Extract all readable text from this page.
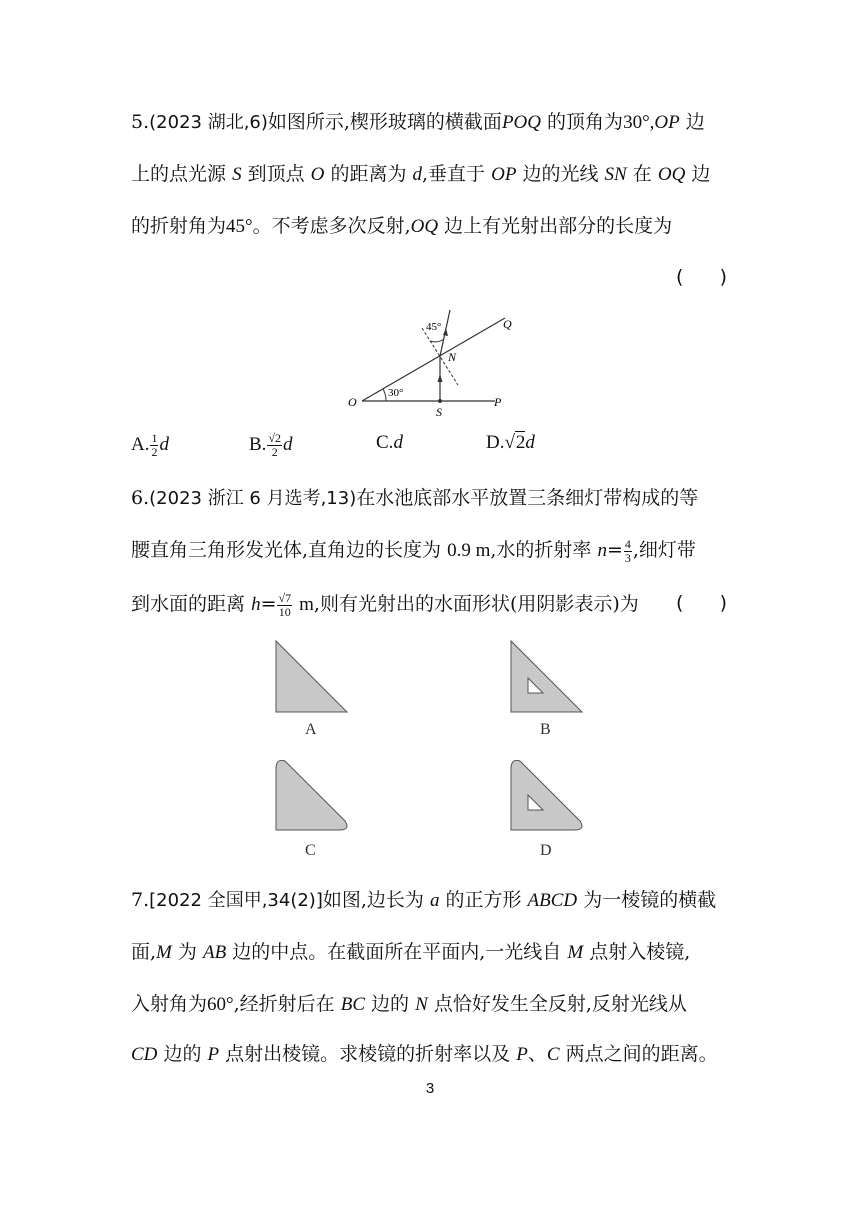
5.(2023 湖北,6)如图所示,楔形玻璃的横截面POQ 的顶角为30°,OP 边
上的点光源 S 到顶点 O 的距离为 d,垂直于 OP 边的光线 SN 在 OQ 边
的折射角为45°。不考虑多次反射,OQ 边上有光射出部分的长度为
(      )
45°	Q
N
O
30°
S
P
A. $\frac{1}{2}$ d	B. $\frac{√2}{2}$ d	C.d	D.√2d
6.(2023 浙江 6 月选考,13)在水池底部水平放置三条细灯带构成的等
腰直角三角形发光体,直角边的长度为 0.9 m,水的折射率 $n= \frac{4}{3}$ ,细灯带
到水面的距离 $h= \frac{√7}{10} m$,则有光射出的水面形状(用阴影表示)为 (      )
A	B
C	D
7.[2022 全国甲,34(2)]如图,边长为 a 的正方形 ABCD 为一棱镜的横截
面,M 为 AB 边的中点。在截面所在平面内,一光线自 M 点射入棱镜,
入射角为60°,经折射后在 BC 边的 N 点恰好发生全反射,反射光线从
CD 边的 P 点射出棱镜。求棱镜的折射率以及 P、C 两点之间的距离。
3
